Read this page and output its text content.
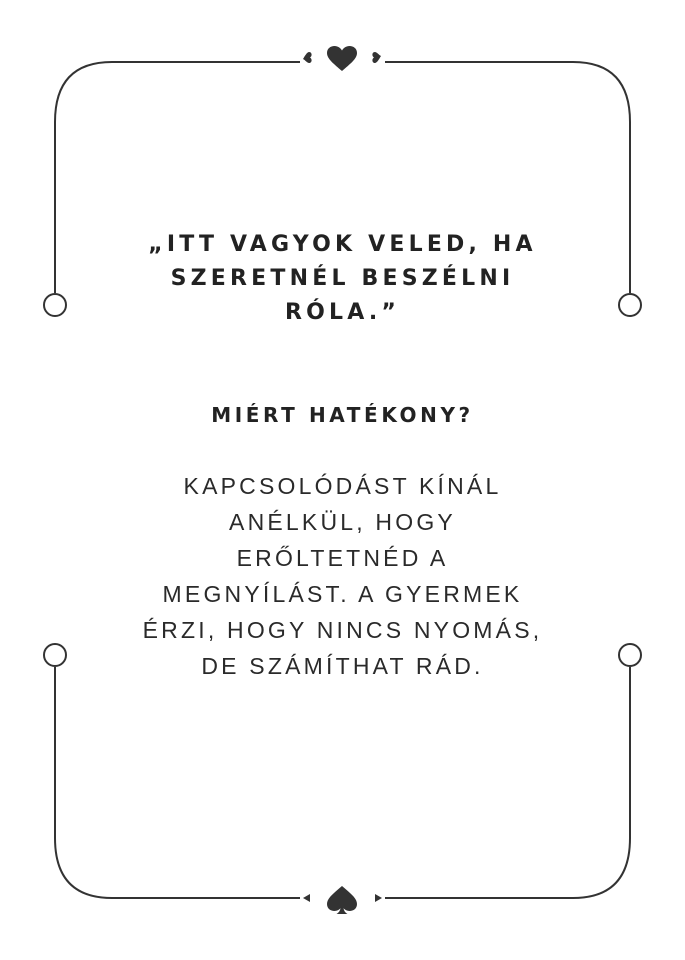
„ITT VAGYOK VELED, HA
SZERETNÉL BESZÉLNI
RÓLA.”
MIÉRT HATÉKONY?
KAPCSOLÓDÁST KÍNÁL
ANÉLKÜL, HOGY
ERŐLTETNÉD A
MEGNYÍLÁST. A GYERMEK
ÉRZI, HOGY NINCS NYOMÁS,
DE SZÁMÍTHAT RÁD.
